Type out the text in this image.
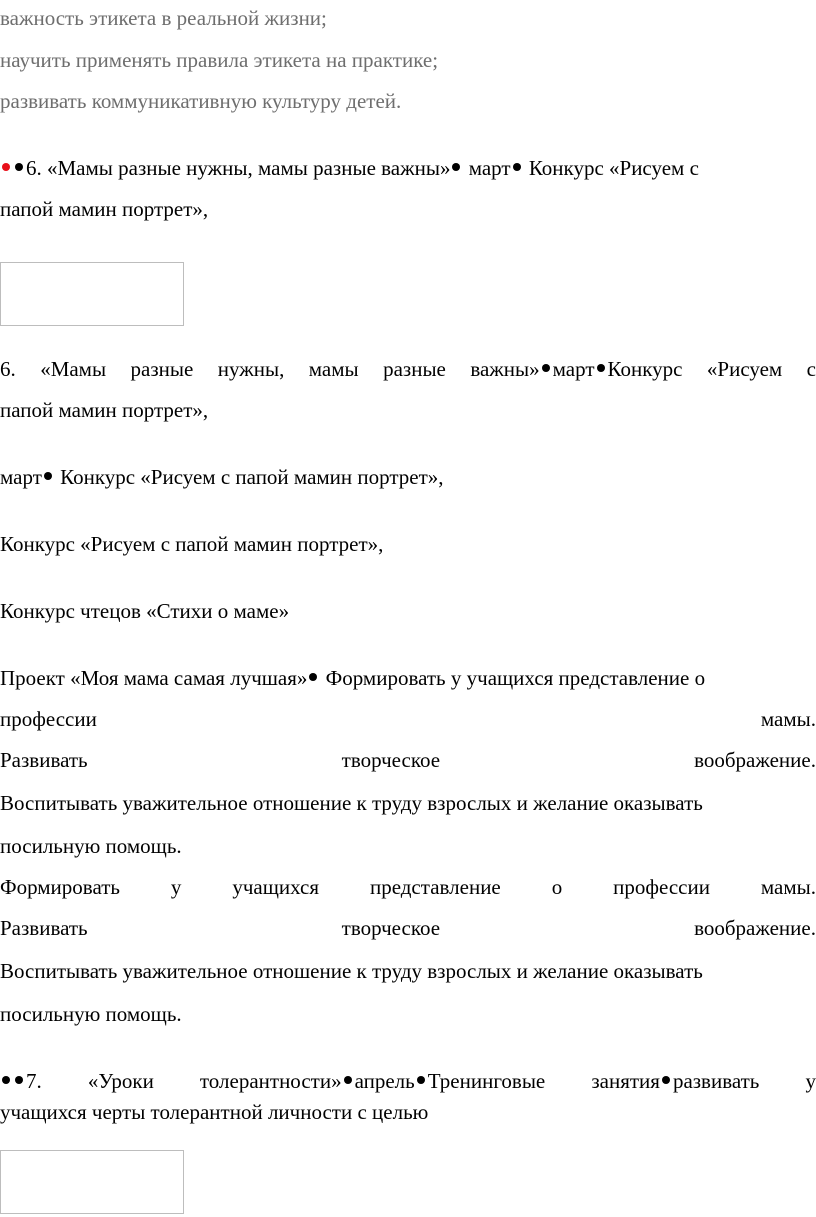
важность этикета в реальной жизни;
научить применять правила этикета на практике;
развивать коммуникативную культуру детей.
6. «Мамы разные нужны, мамы разные важны» март Конкурс «Рисуем с
папой мамин портрет»,
6. «Мамы разные нужны, мамы разные важны» март Конкурс «Рисуем с
папой мамин портрет»,
март Конкурс «Рисуем с папой мамин портрет»,
Конкурс «Рисуем с папой мамин портрет»,
Конкурс чтецов «Стихи о маме»
Проект «Моя мама самая лучшая» Формировать у учащихся представление о
профессии	мамы.
Развивать	творческое	воображение.
Воспитывать уважительное отношение к труду взрослых и желание оказывать
посильную помощь.
Формировать у учащихся представление о профессии мамы.
Развивать	творческое	воображение.
Воспитывать уважительное отношение к труду взрослых и желание оказывать
посильную помощь.
7. «Уроки толерантности» апрель Тренинговые занятия развивать у
учащихся черты толерантной личности с целью
